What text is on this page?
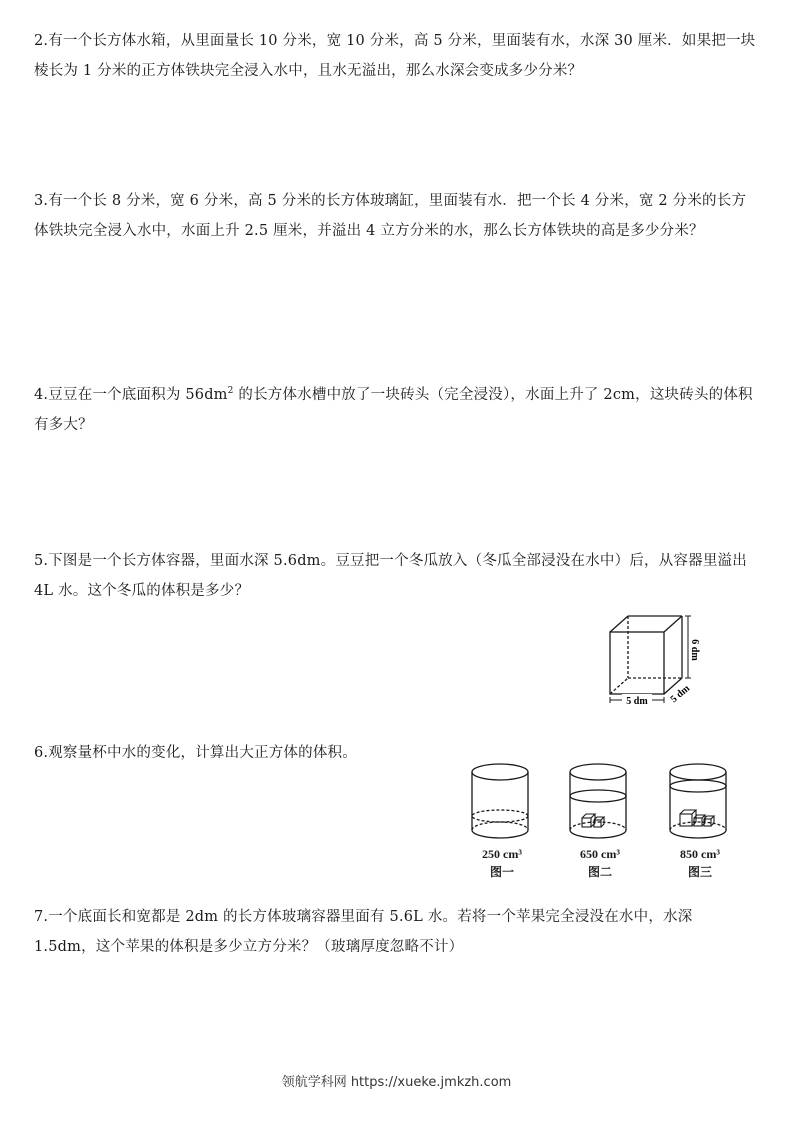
2.有一个长方体水箱，从里面量长 10 分米，宽 10 分米，高 5 分米，里面装有水，水深 30 厘米．如果把一块棱长为 1 分米的正方体铁块完全浸入水中，且水无溢出，那么水深会变成多少分米？

3.有一个长 8 分米，宽 6 分米，高 5 分米的长方体玻璃缸，里面装有水．把一个长 4 分米，宽 2 分米的长方体铁块完全浸入水中，水面上升 2.5 厘米，并溢出 4 立方分米的水，那么长方体铁块的高是多少分米？

4.豆豆在一个底面积为 $56dm^2$ 的长方体水槽中放了一块砖头（完全浸没），水面上升了 2cm，这块砖头的体积有多大？

5.下图是一个长方体容器，里面水深 5.6dm。豆豆把一个冬瓜放入（冬瓜全部浸没在水中）后，从容器里溢出 4L 水。这个冬瓜的体积是多少？

6 dm
5 dm 5 dm

6.观察量杯中水的变化，计算出大正方体的体积。

250 cm³	650 cm³	850 cm³
图一	图二	图三

7.一个底面长和宽都是 2dm 的长方体玻璃容器里面有 5.6L 水。若将一个苹果完全浸没在水中，水深 1.5dm，这个苹果的体积是多少立方分米？（玻璃厚度忽略不计）

领航学科网 https://xueke.jmkzh.com
